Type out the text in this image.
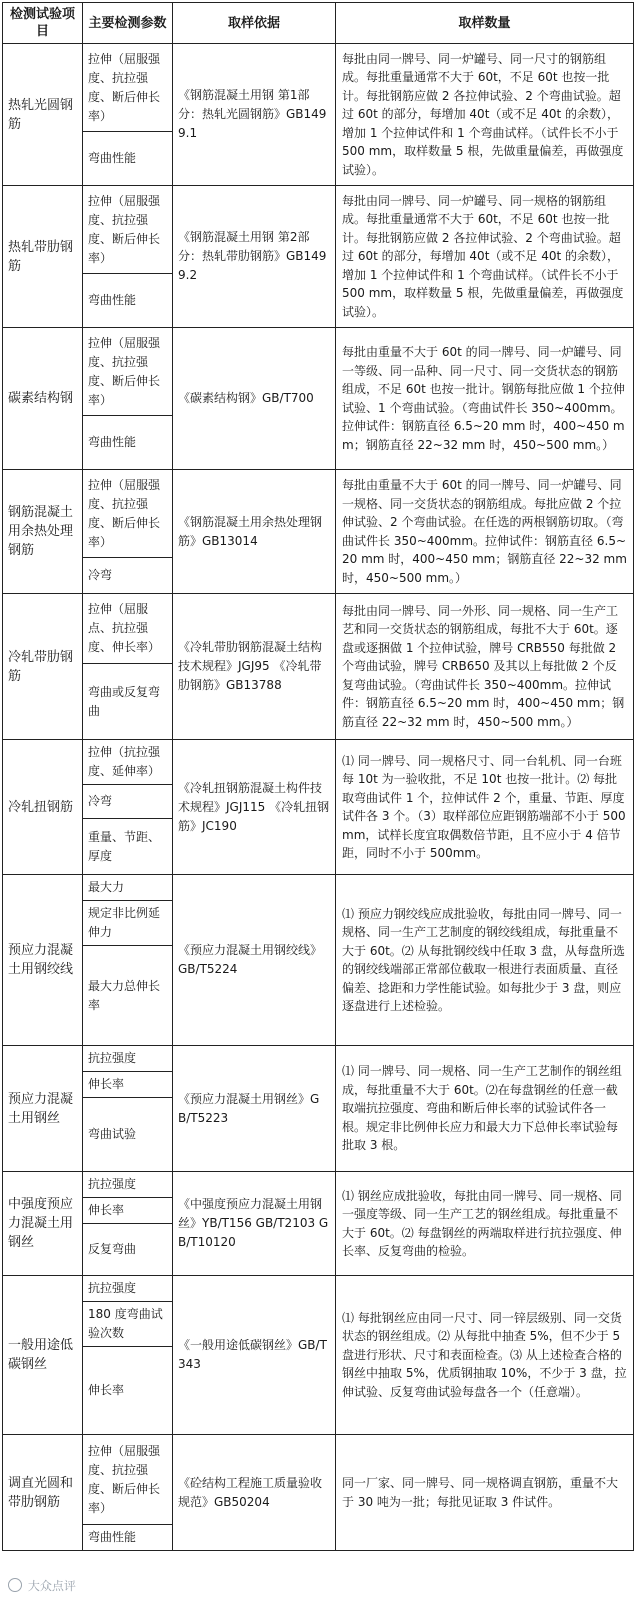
检测试验项目	主要检测参数	取样依据	取样数量
热轧光圆钢筋	拉伸（屈服强度、抗拉强度、断后伸长率）	《钢筋混凝土用钢 第1部分：热轧光圆钢筋》GB1499.1	每批由同一牌号、同一炉罐号、同一尺寸的钢筋组成。每批重量通常不大于 60t，不足 60t 也按一批计。每批钢筋应做 2 各拉伸试验、2 个弯曲试验。超过 60t 的部分，每增加 40t（或不足 40t 的余数），增加 1 个拉伸试件和 1 个弯曲试样。（试件长不小于 500 mm，取样数量 5 根，先做重量偏差，再做强度试验）。
	弯曲性能		
热轧带肋钢筋	拉伸（屈服强度、抗拉强度、断后伸长率）	《钢筋混凝土用钢 第2部分：热轧带肋钢筋》GB1499.2	每批由同一牌号、同一炉罐号、同一规格的钢筋组成。每批重量通常不大于 60t，不足 60t 也按一批计。每批钢筋应做 2 各拉伸试验、2 个弯曲试验。超过 60t 的部分，每增加 40t（或不足 40t 的余数），增加 1 个拉伸试件和 1 个弯曲试样。（试件长不小于 500 mm，取样数量 5 根，先做重量偏差，再做强度试验）。
	弯曲性能		
碳素结构钢	拉伸（屈服强度、抗拉强度、断后伸长率）	《碳素结构钢》GB/T700	每批由重量不大于 60t 的同一牌号、同一炉罐号、同一等级、同一品种、同一尺寸、同一交货状态的钢筋组成，不足 60t 也按一批计。钢筋每批应做 1 个拉伸试验、1 个弯曲试验。（弯曲试件长 350~400mm。拉伸试件：钢筋直径 6.5~20 mm 时，400~450 mm；钢筋直径 22~32 mm 时，450~500 mm。）
	弯曲性能		
钢筋混凝土用余热处理钢筋	拉伸（屈服强度、抗拉强度、断后伸长率）	《钢筋混凝土用余热处理钢筋》GB13014	每批由重量不大于 60t 的同一牌号、同一炉罐号、同一规格、同一交货状态的钢筋组成。每批应做 2 个拉伸试验、2 个弯曲试验。在任选的两根钢筋切取。（弯曲试件长 350~400mm。拉伸试件：钢筋直径 6.5~20 mm 时，400~450 mm；钢筋直径 22~32 mm 时，450~500 mm。）
	冷弯		
冷轧带肋钢筋	拉伸（屈服点、抗拉强度、伸长率）	《冷轧带肋钢筋混凝土结构技术规程》JGJ95 《冷轧带肋钢筋》GB13788	每批由同一牌号、同一外形、同一规格、同一生产工艺和同一交货状态的钢筋组成，每批不大于 60t。逐盘或逐捆做 1 个拉伸试验，牌号 CRB550 每批做 2 个弯曲试验，牌号 CRB650 及其以上每批做 2 个反复弯曲试验。（弯曲试件长 350~400mm。拉伸试件：钢筋直径 6.5~20 mm 时，400~450 mm；钢筋直径 22~32 mm 时，450~500 mm。）
	弯曲或反复弯曲		
冷轧扭钢筋	拉伸（抗拉强度、延伸率）	《冷轧扭钢筋混凝土构件技术规程》JGJ115 《冷轧扭钢筋》JC190	⑴ 同一牌号、同一规格尺寸、同一台轧机、同一台班每 10t 为一验收批，不足 10t 也按一批计。⑵ 每批取弯曲试件 1 个，拉伸试件 2 个，重量、节距、厚度试件各 3 个。（3）取样部位应距钢筋端部不小于 500mm，试样长度宜取偶数倍节距，且不应小于 4 倍节距，同时不小于 500mm。
	冷弯		
	重量、节距、厚度		
预应力混凝土用钢绞线	最大力	《预应力混凝土用钢绞线》GB/T5224	⑴ 预应力钢绞线应成批验收，每批由同一牌号、同一规格、同一生产工艺制度的钢绞线组成，每批重量不大于 60t。⑵ 从每批钢绞线中任取 3 盘，从每盘所选的钢绞线端部正常部位截取一根进行表面质量、直径偏差、捻距和力学性能试验。如每批少于 3 盘，则应逐盘进行上述检验。
	规定非比例延伸力		
	最大力总伸长率		
预应力混凝土用钢丝	抗拉强度	《预应力混凝土用钢丝》GB/T5223	⑴ 同一牌号、同一规格、同一生产工艺制作的钢丝组成，每批重量不大于 60t。⑵在每盘钢丝的任意一截取端抗拉强度、弯曲和断后伸长率的试验试件各一根。规定非比例伸长应力和最大力下总伸长率试验每批取 3 根。
	伸长率		
	弯曲试验		
中强度预应力混凝土用钢丝	抗拉强度	《中强度预应力混凝土用钢丝》YB/T156 GB/T2103 GB/T10120	⑴ 钢丝应成批验收，每批由同一牌号、同一规格、同一强度等级、同一生产工艺的钢丝组成。每批重量不大于 60t。⑵ 每盘钢丝的两端取样进行抗拉强度、伸长率、反复弯曲的检验。
	伸长率		
	反复弯曲		
一般用途低碳钢丝	抗拉强度	《一般用途低碳钢丝》GB/T343	⑴ 每批钢丝应由同一尺寸、同一锌层级别、同一交货状态的钢丝组成。⑵ 从每批中抽查 5%，但不少于 5 盘进行形状、尺寸和表面检查。⑶ 从上述检查合格的钢丝中抽取 5%，优质钢抽取 10%，不少于 3 盘，拉伸试验、反复弯曲试验每盘各一个（任意端）。
	180 度弯曲试验次数		
	伸长率		
调直光圆和带肋钢筋	拉伸（屈服强度、抗拉强度、断后伸长率）	《砼结构工程施工质量验收规范》GB50204	同一厂家、同一牌号、同一规格调直钢筋，重量不大于 30 吨为一批；每批见证取 3 件试件。
	弯曲性能		
大众点评
